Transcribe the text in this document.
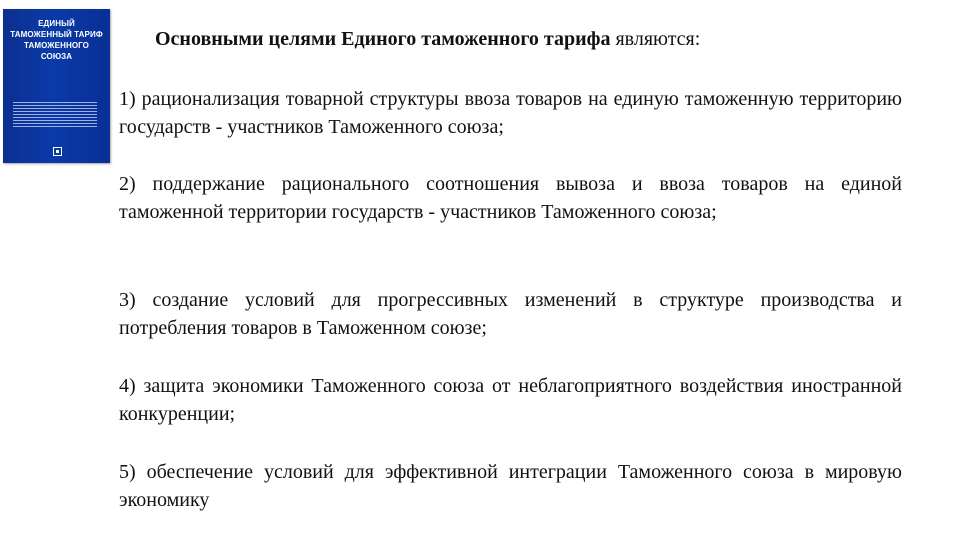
ЕДИНЫЙ
ТАМОЖЕННЫЙ ТАРИФ
ТАМОЖЕННОГО
СОЮЗА
Основными целями Единого таможенного тарифа являются:
1) рационализация товарной структуры ввоза товаров на единую таможенную территорию государств - участников Таможенного союза;
2) поддержание рационального соотношения вывоза и ввоза товаров на единой таможенной территории государств - участников Таможенного союза;
3) создание условий для прогрессивных изменений в структуре производства и потребления товаров в Таможенном союзе;
4) защита экономики Таможенного союза от неблагоприятного воздействия иностранной конкуренции;
5) обеспечение условий для эффективной интеграции Таможенного союза в мировую экономику
